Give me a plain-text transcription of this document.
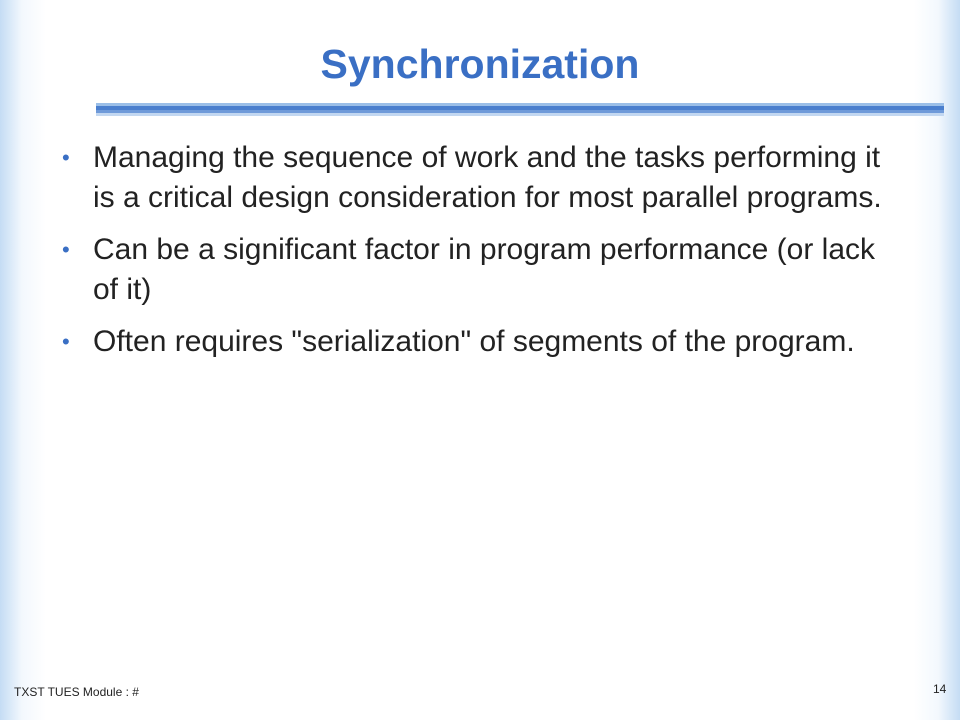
Synchronization
• Managing the sequence of work and the tasks performing it is a critical design consideration for most parallel programs.
• Can be a significant factor in program performance (or lack of it)
• Often requires "serialization" of segments of the program.
TXST TUES Module : #	14
